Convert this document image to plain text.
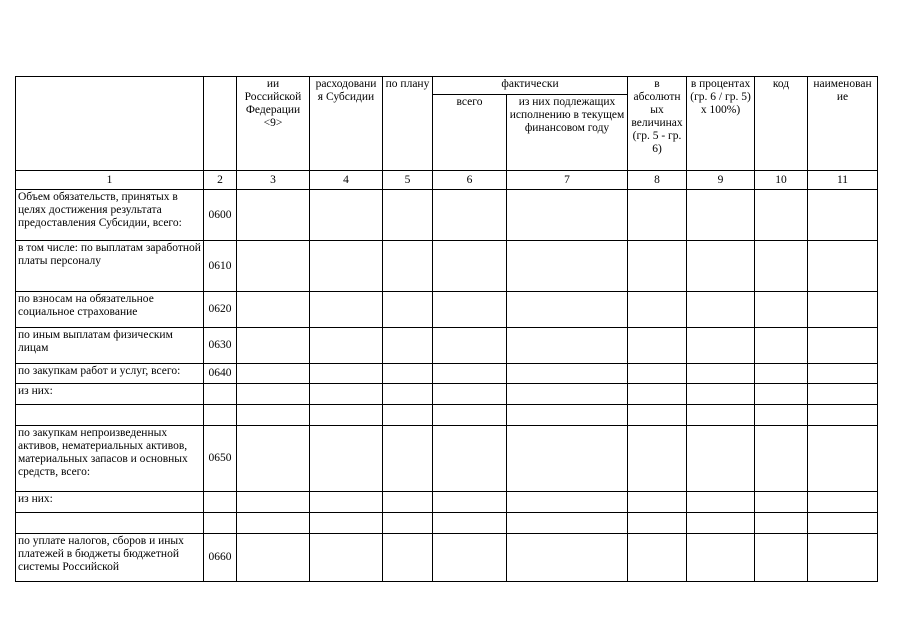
		ии Российской Федерации <9>	расходовани я Субсидии	по плану	фактически		в абсолютн ых величинах (гр. 5 - гр. 6)	в процентах (гр. 6 / гр. 5) x 100%)	код	наименован ие
					всего	из них подлежащих исполнению в текущем финансовом году				
1	2	3	4	5	6	7	8	9	10	11
Объем обязательств, принятых в целях достижения результата предоставления Субсидии, всего:	0600									
в том числе: по выплатам заработной платы персоналу	0610									
по взносам на обязательное социальное страхование	0620									
по иным выплатам физическим лицам	0630									
по закупкам работ и услуг, всего:	0640									
из них:										

по закупкам непроизведенных активов, нематериальных активов, материальных запасов и основных средств, всего:	0650									
из них:										

по уплате налогов, сборов и иных платежей в бюджеты бюджетной системы Российской	0660									
